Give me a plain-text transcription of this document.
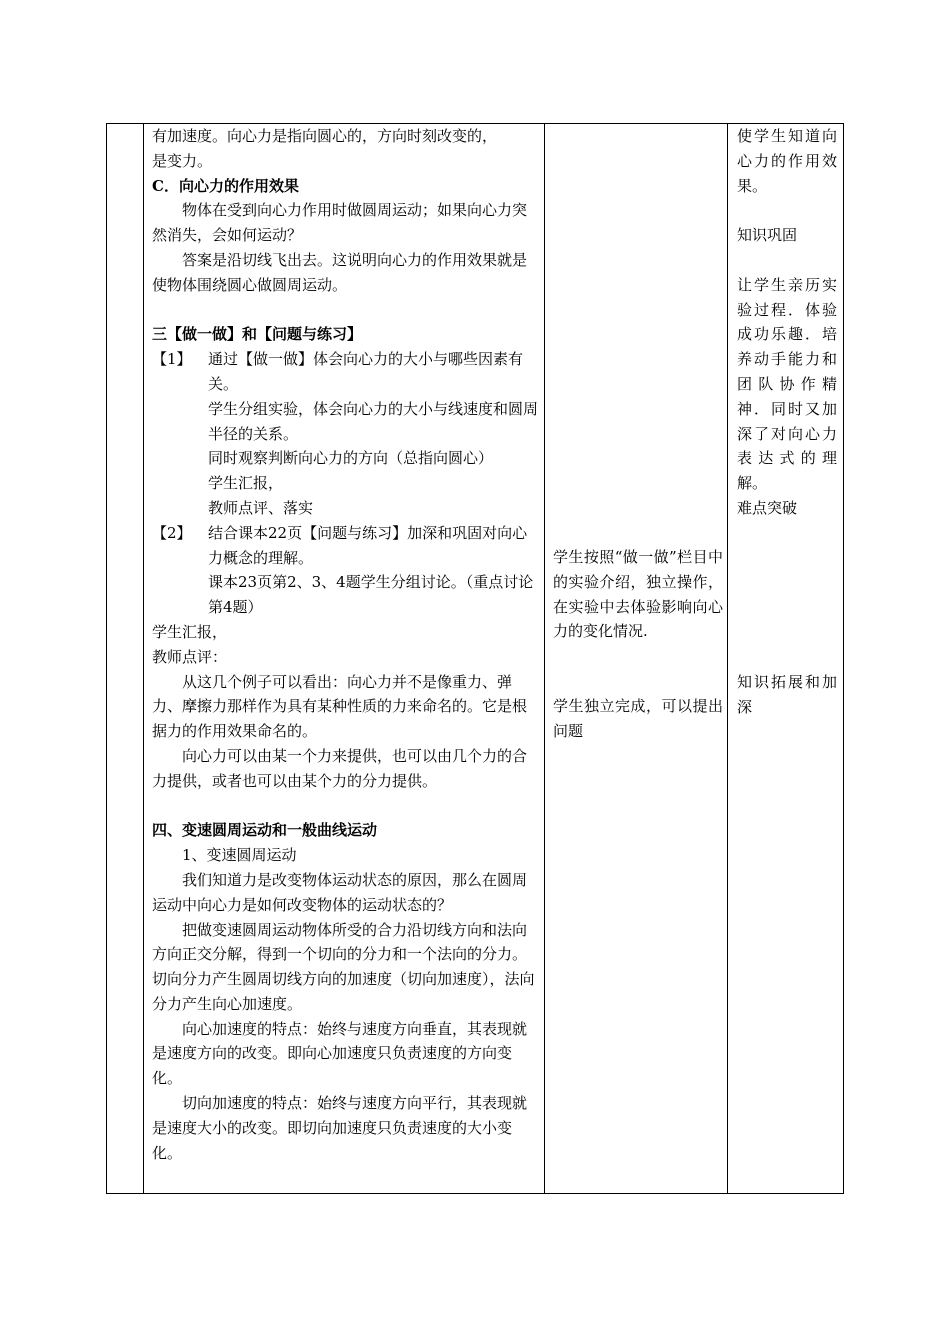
有加速度。向心力是指向圆心的，方向时刻改变的，

是变力。

C．向心力的作用效果

物体在受到向心力作用时做圆周运动；如果向心力突然消失，会如何运动？

答案是沿切线飞出去。这说明向心力的作用效果就是使物体围绕圆心做圆周运动。

三【做一做】和【问题与练习】

【1】	通过【做一做】体会向心力的大小与哪些因素有关。

学生分组实验，体会向心力的大小与线速度和圆周半径的关系。

同时观察判断向心力的方向（总指向圆心）

学生汇报，

教师点评、落实

【2】	结合课本22页【问题与练习】加深和巩固对向心力概念的理解。

课本23页第2、3、4题学生分组讨论。（重点讨论第4题）

学生汇报，

教师点评：

从这几个例子可以看出：向心力并不是像重力、弹力、摩擦力那样作为具有某种性质的力来命名的。它是根据力的作用效果命名的。

向心力可以由某一个力来提供，也可以由几个力的合力提供，或者也可以由某个力的分力提供。

四、变速圆周运动和一般曲线运动

1、变速圆周运动

我们知道力是改变物体运动状态的原因，那么在圆周运动中向心力是如何改变物体的运动状态的？

把做变速圆周运动物体所受的合力沿切线方向和法向方向正交分解，得到一个切向的分力和一个法向的分力。切向分力产生圆周切线方向的加速度（切向加速度），法向分力产生向心加速度。

向心加速度的特点：始终与速度方向垂直，其表现就是速度方向的改变。即向心加速度只负责速度的方向变化。

切向加速度的特点：始终与速度方向平行，其表现就是速度大小的改变。即切向加速度只负责速度的大小变化。

学生按照“做一做”栏目中的实验介绍，独立操作，在实验中去体验影响向心力的变化情况.

学生独立完成，可以提出问题

使学生知道向心力的作用效果。

知识巩固

让学生亲历实验过程．体验成功乐趣．培养动手能力和团队协作精神．同时又加深了对向心力表达式的理解。

难点突破

知识拓展和加深
